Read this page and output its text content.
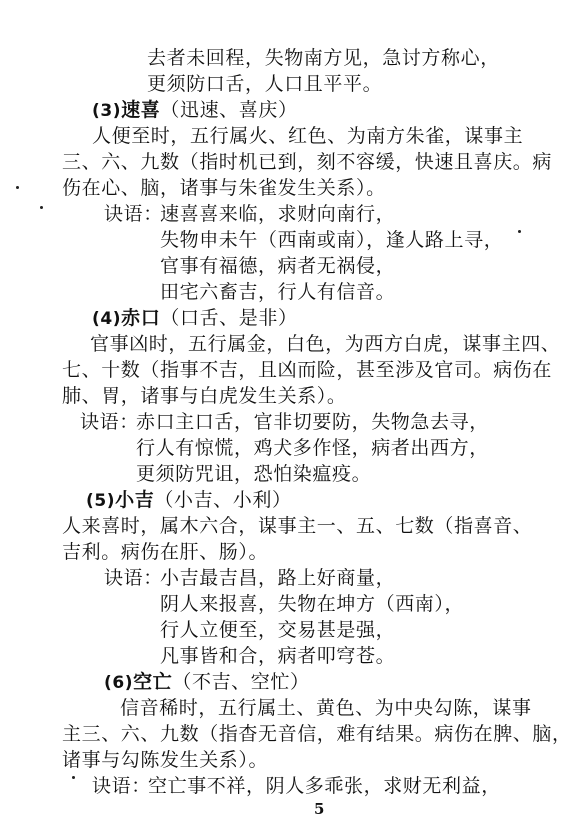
去者未回程，失物南方见，急讨方称心，
更须防口舌，人口且平平。
(3)速喜（迅速、喜庆）
人便至时，五行属火、红色、为南方朱雀，谋事主
三、六、九数（指时机已到，刻不容缓，快速且喜庆。病
伤在心、脑，诸事与朱雀发生关系）。
诀语：
速喜喜来临，求财向南行，
失物申未午（西南或南），逢人路上寻，
官事有福德，病者无祸侵，
田宅六畜吉，行人有信音。
(4)赤口（口舌、是非）
官事凶时，五行属金，白色，为西方白虎，谋事主四、
七、十数（指事不吉，且凶而险，甚至涉及官司。病伤在
肺、胃，诸事与白虎发生关系）。
诀语：
赤口主口舌，官非切要防，失物急去寻，
行人有惊慌，鸡犬多作怪，病者出西方，
更须防咒诅，恐怕染瘟疫。
(5)小吉（小吉、小利）
人来喜时，属木六合，谋事主一、五、七数（指喜音、
吉利。病伤在肝、肠）。
诀语：
小吉最吉昌，路上好商量，
阴人来报喜，失物在坤方（西南），
行人立便至，交易甚是强，
凡事皆和合，病者叩穹苍。
(6)空亡（不吉、空忙）
信音稀时，五行属土、黄色、为中央勾陈，谋事
主三、六、九数（指杳无音信，难有结果。病伤在脾、脑，
诸事与勾陈发生关系）。
诀语：
空亡事不祥，阴人多乖张，求财无利益，
5
